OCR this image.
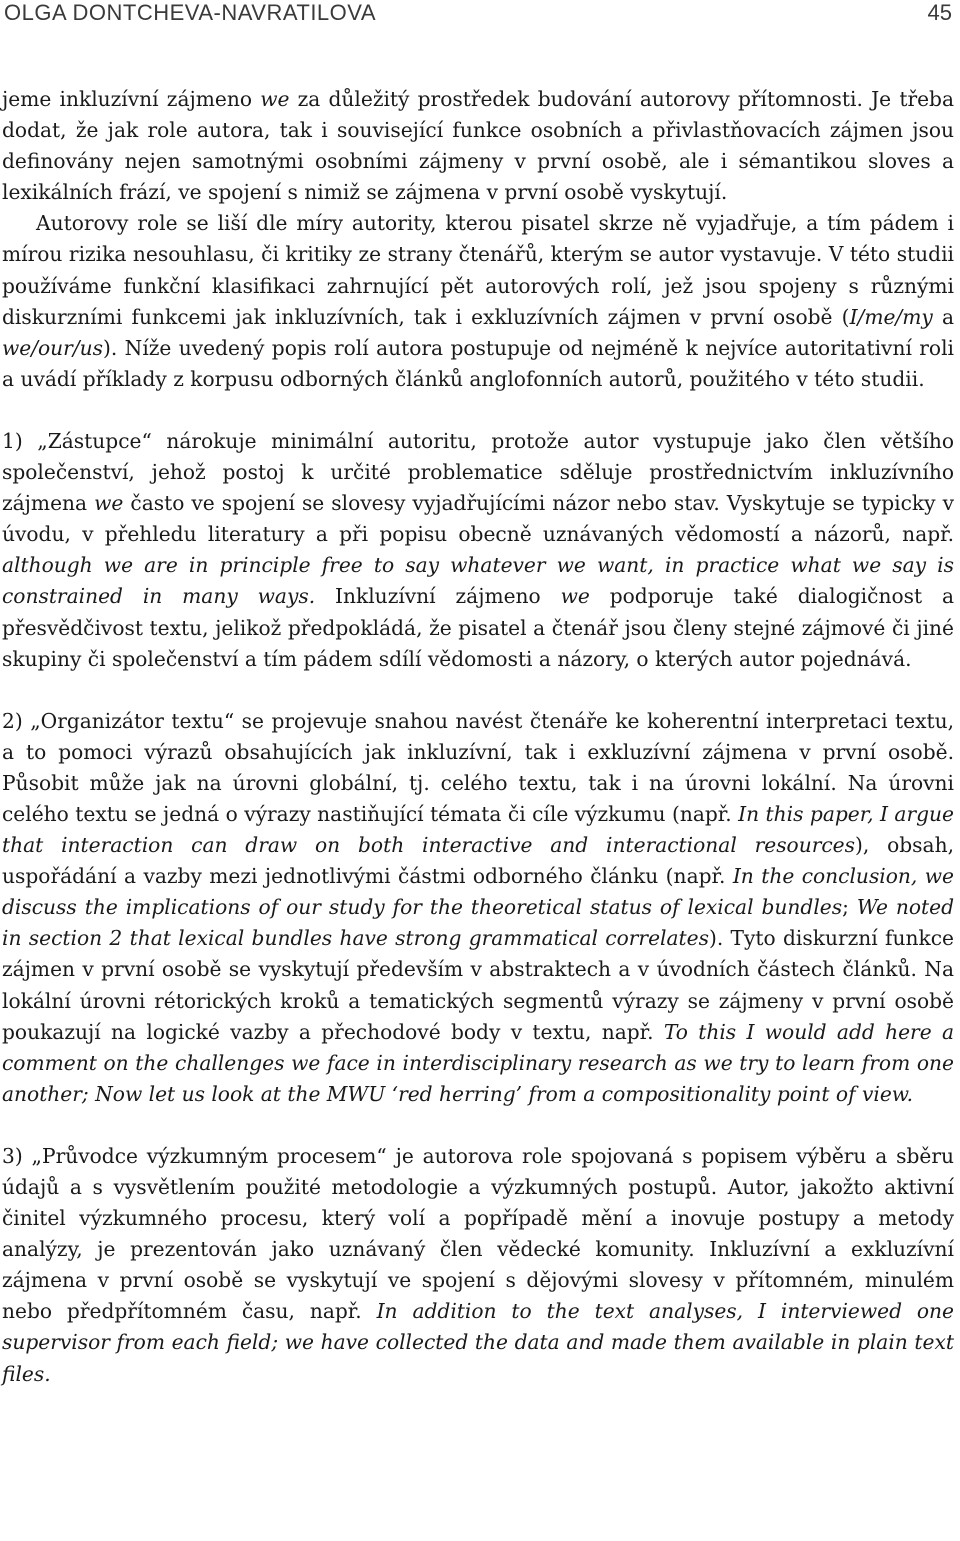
OLGA DONTCHEVA-NAVRATILOVA	45

jeme inkluzívní zájmeno we za důležitý prostředek budování autorovy přítomnosti. Je třeba dodat, že jak role autora, tak i související funkce osobních a přivlastňovacích zájmen jsou definovány nejen samotnými osobními zájmeny v první osobě, ale i sémantikou sloves a lexikálních frází, ve spojení s nimiž se zájmena v první osobě vyskytují.

Autorovy role se liší dle míry autority, kterou pisatel skrze ně vyjadřuje, a tím pádem i mírou rizika nesouhlasu, či kritiky ze strany čtenářů, kterým se autor vystavuje. V této studii používáme funkční klasifikaci zahrnující pět autorových rolí, jež jsou spojeny s různými diskurzními funkcemi jak inkluzívních, tak i exkluzívních zájmen v první osobě (I/me/my a we/our/us). Níže uvedený popis rolí autora postupuje od nejméně k nejvíce autoritativní roli a uvádí příklady z korpusu odborných článků anglofonních autorů, použitého v této studii.

1) „Zástupce“ nárokuje minimální autoritu, protože autor vystupuje jako člen většího společenství, jehož postoj k určité problematice sděluje prostřednictvím inkluzívního zájmena we často ve spojení se slovesy vyjadřujícími názor nebo stav. Vyskytuje se typicky v úvodu, v přehledu literatury a při popisu obecně uznávaných vědomostí a názorů, např. although we are in principle free to say whatever we want, in practice what we say is constrained in many ways. Inkluzívní zájmeno we podporuje také dialogičnost a přesvědčivost textu, jelikož předpokládá, že pisatel a čtenář jsou členy stejné zájmové či jiné skupiny či společenství a tím pádem sdílí vědomosti a názory, o kterých autor pojednává.

2) „Organizátor textu“ se projevuje snahou navést čtenáře ke koherentní interpretaci textu, a to pomoci výrazů obsahujících jak inkluzívní, tak i exkluzívní zájmena v první osobě. Působit může jak na úrovni globální, tj. celého textu, tak i na úrovni lokální. Na úrovni celého textu se jedná o výrazy nastiňující témata či cíle výzkumu (např. In this paper, I argue that interaction can draw on both interactive and interactional resources), obsah, uspořádání a vazby mezi jednotlivými částmi odborného článku (např. In the conclusion, we discuss the implications of our study for the theoretical status of lexical bundles; We noted in section 2 that lexical bundles have strong grammatical correlates). Tyto diskurzní funkce zájmen v první osobě se vyskytují především v abstraktech a v úvodních částech článků. Na lokální úrovni rétorických kroků a tematických segmentů výrazy se zájmeny v první osobě poukazují na logické vazby a přechodové body v textu, např. To this I would add here a comment on the challenges we face in interdisciplinary research as we try to learn from one another; Now let us look at the MWU ‘red herring’ from a compositionality point of view.

3) „Průvodce výzkumným procesem“ je autorova role spojovaná s popisem výběru a sběru údajů a s vysvětlením použité metodologie a výzkumných postupů. Autor, jakožto aktivní činitel výzkumného procesu, který volí a popřípadě mění a inovuje postupy a metody analýzy, je prezentován jako uznávaný člen vědecké komunity. Inkluzívní a exkluzívní zájmena v první osobě se vyskytují ve spojení s dějovými slovesy v přítomném, minulém nebo předpřítomném času, např. In addition to the text analyses, I interviewed one supervisor from each field; we have collected the data and made them available in plain text files.
